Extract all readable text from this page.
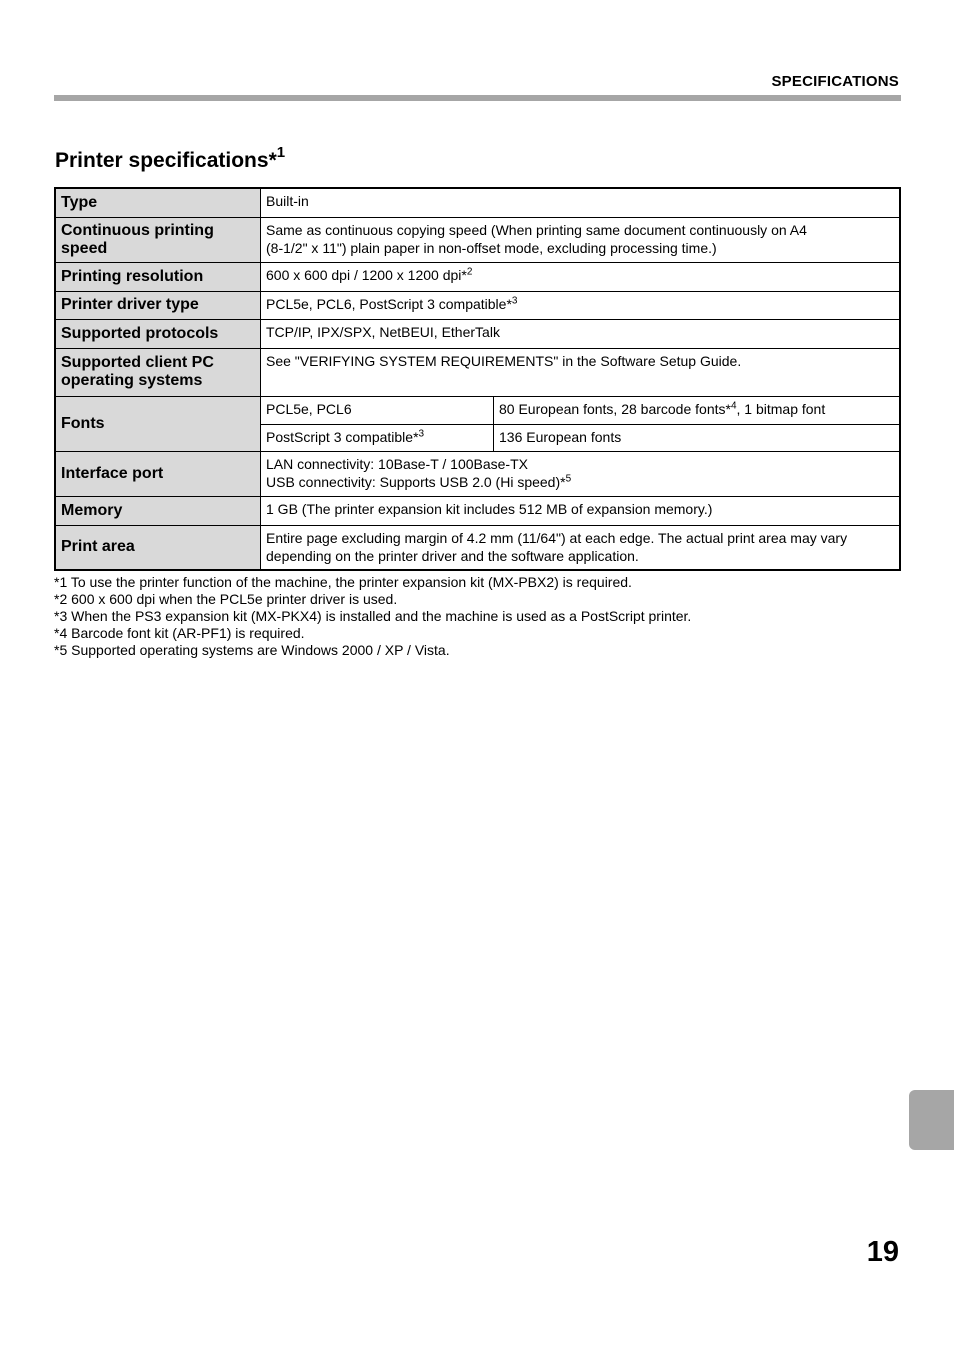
SPECIFICATIONS
Printer specifications*$^1$
Type	Built-in	
Continuous printing speed	Same as continuous copying speed (When printing same document continuously on A4
(8-1/2" x 11") plain paper in non-offset mode, excluding processing time.)	
Printing resolution	600 x 600 dpi / 1200 x 1200 dpi*$^2$
Printer driver type	PCL5e, PCL6, PostScript 3 compatible*$^3$
Supported protocols	TCP/IP, IPX/SPX, NetBEUI, EtherTalk	
Supported client PC
operating systems	See "VERIFYING SYSTEM REQUIREMENTS" in the Software Setup Guide.	
Fonts	PCL5e, PCL6	80 European fonts, 28 barcode fonts*$^4$, 1 bitmap font
	PostScript 3 compatible*$^3$	136 European fonts
Interface port	LAN connectivity: 10Base-T / 100Base-TX
USB connectivity: Supports USB 2.0 (Hi speed)*$^5$
Memory	1 GB (The printer expansion kit includes 512 MB of expansion memory.)	
Print area	Entire page excluding margin of 4.2 mm (11/64") at each edge. The actual print area may vary
depending on the printer driver and the software application.	
*1 To use the printer function of the machine, the printer expansion kit (MX-PBX2) is required.
*2 600 x 600 dpi when the PCL5e printer driver is used.
*3 When the PS3 expansion kit (MX-PKX4) is installed and the machine is used as a PostScript printer.
*4 Barcode font kit (AR-PF1) is required.
*5 Supported operating systems are Windows 2000 / XP / Vista.
19
